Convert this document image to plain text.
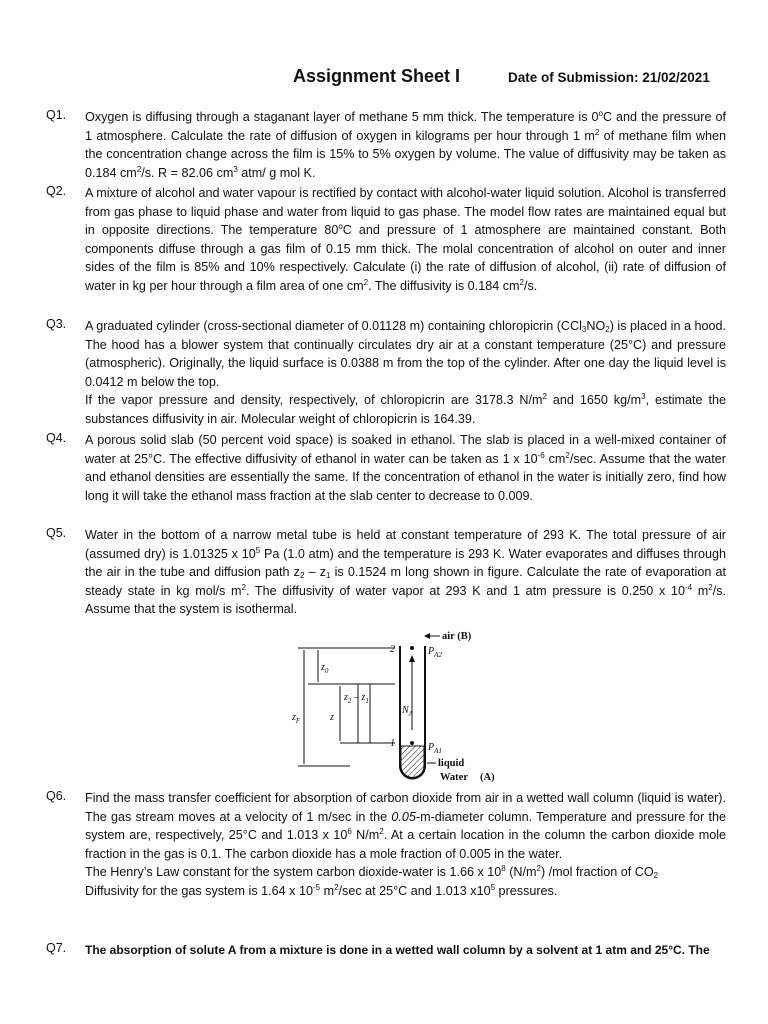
Assignment Sheet I	Date of Submission: 21/02/2021
Q1. Oxygen is diffusing through a staganant layer of methane 5 mm thick. The temperature is 0$^o$C and the pressure of 1 atmosphere. Calculate the rate of diffusion of oxygen in kilograms per hour through 1 $m^2$ of methane film when the concentration change across the film is 15% to 5% oxygen by volume. The value of diffusivity may be taken as 0.184 $cm^2/s$. R = 82.06 $cm^3$ atm/ g mol K.
Q2. A mixture of alcohol and water vapour is rectified by contact with alcohol-water liquid solution. Alcohol is transferred from gas phase to liquid phase and water from liquid to gas phase. The model flow rates are maintained equal but in opposite directions. The temperature 80$^o$C and pressure of 1 atmosphere are maintained constant. Both components diffuse through a gas film of 0.15 mm thick. The molal concentration of alcohol on outer and inner sides of the film is 85% and 10% respectively. Calculate (i) the rate of diffusion of alcohol, (ii) rate of diffusion of water in kg per hour through a film area of one $cm^2$. The diffusivity is 0.184 $cm^2/s$.
Q3. A graduated cylinder (cross-sectional diameter of 0.01128 m) containing chloropicrin $(CCl_3NO_2)$ is placed in a hood. The hood has a blower system that continually circulates dry air at a constant temperature (25°C) and pressure (atmospheric). Originally, the liquid surface is 0.0388 m from the top of the cylinder. After one day the liquid level is 0.0412 m below the top.

If the vapor pressure and density, respectively, of chloropicrin are 3178.3 $N/m^2$ and 1650 $kg/m^3$, estimate the substances diffusivity in air. Molecular weight of chloropicrin is 164.39.

Q4. A porous solid slab (50 percent void space) is soaked in ethanol. The slab is placed in a well-mixed container of water at 25°C. The effective diffusivity of ethanol in water can be taken as 1 x $10^{-6}$ $cm^2/\sec$. Assume that the water and ethanol densities are essentially the same. If the concentration of ethanol in the water is initially zero, find how long it will take the ethanol mass fraction at the slab center to decrease to 0.009.
Q5. Water in the bottom of a narrow metal tube is held at constant temperature of 293 K. The total pressure of air (assumed dry) is 1.01325 x $10^5$ Pa (1.0 atm) and the temperature is 293 K. Water evaporates and diffuses through the air in the tube and diffusion path $z_2 - z_1$ is 0.1524 m long shown in figure. Calculate the rate of evaporation at steady state in kg mol/s $m^2$. The diffusivity of water vapor at 293 K and 1 atm pressure is 0.250 x $10^{-4}$ $m^2/s$. Assume that the system is isothermal.
air (B)
$P_{A2}$
2
1	$P_{A1}$
$N_A$
$z_0$
$z_2 - z_1$
$z_F$	z
liquid
Water (A)
Q6. Find the mass transfer coefficient for absorption of carbon dioxide from air in a wetted wall column (liquid is water). The gas stream moves at a velocity of 1 m/sec in the 0.05-m-diameter column. Temperature and pressure for the system are, respectively, 25°C and 1.013 x $10^6$ $N/m^2$. At a certain location in the column the carbon dioxide mole fraction in the gas is 0.1. The carbon dioxide has a mole fraction of 0.005 in the water.

The Henry’s Law constant for the system carbon dioxide-water is 1.66 x $10^8$ $(N/m^2)$ /mol fraction of $CO_2$

Diffusivity for the gas system is 1.64 x $10^{-5}$ $m^2/\sec$ at 25°C and 1.013 $x10^5$ pressures.

Q7. The absorption of solute A from a mixture is done in a wetted wall column by a solvent at 1 atm and 25°C. The
